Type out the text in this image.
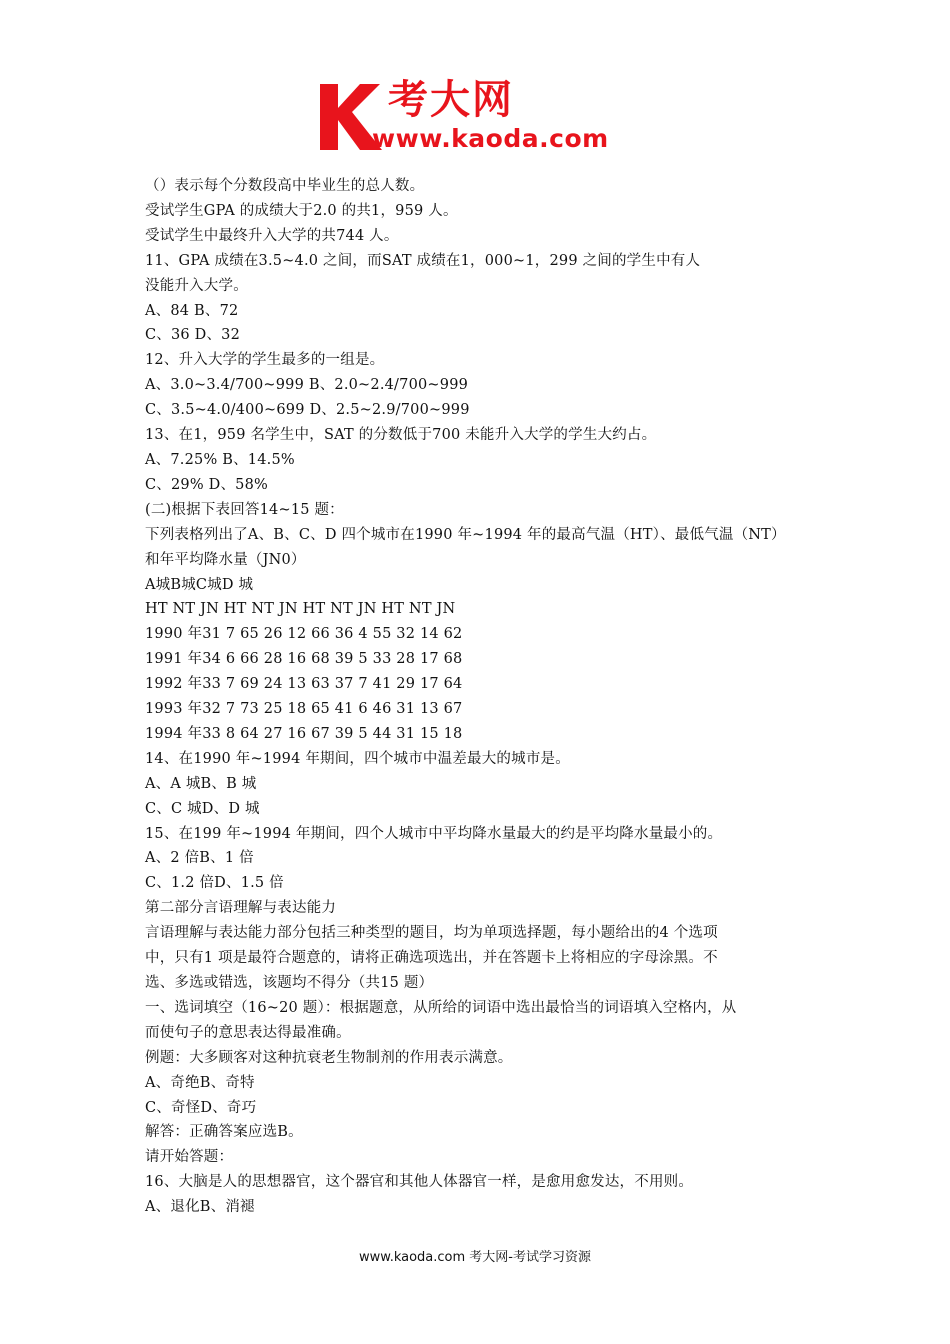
考大网
www.kaoda.com
（）表示每个分数段高中毕业生的总人数。
受试学生GPA 的成绩大于2.0 的共1，959 人。
受试学生中最终升入大学的共744 人。
11、GPA 成绩在3.5~4.0 之间，而SAT 成绩在1，000~1，299 之间的学生中有人
没能升入大学。
A、84 B、72
C、36 D、32
12、升入大学的学生最多的一组是。
A、3.0~3.4/700~999 B、2.0~2.4/700~999
C、3.5~4.0/400~699 D、2.5~2.9/700~999
13、在1，959 名学生中，SAT 的分数低于700 未能升入大学的学生大约占。
A、7.25% B、14.5%
C、29% D、58%
(二)根据下表回答14~15 题：
下列表格列出了A、B、C、D 四个城市在1990 年~1994 年的最高气温（HT）、最低气温（NT）
和年平均降水量（JN0）
A城B城C城D 城
HT NT JN HT NT JN HT NT JN HT NT JN
1990 年31 7 65 26 12 66 36 4 55 32 14 62
1991 年34 6 66 28 16 68 39 5 33 28 17 68
1992 年33 7 69 24 13 63 37 7 41 29 17 64
1993 年32 7 73 25 18 65 41 6 46 31 13 67
1994 年33 8 64 27 16 67 39 5 44 31 15 18
14、在1990 年~1994 年期间，四个城市中温差最大的城市是。
A、A 城B、B 城
C、C 城D、D 城
15、在199 年~1994 年期间，四个人城市中平均降水量最大的约是平均降水量最小的。
A、2 倍B、1 倍
C、1.2 倍D、1.5 倍
第二部分言语理解与表达能力
言语理解与表达能力部分包括三种类型的题目，均为单项选择题，每小题给出的4 个选项
中，只有1 项是最符合题意的，请将正确选项选出，并在答题卡上将相应的字母涂黑。不
选、多选或错选，该题均不得分（共15 题）
一、选词填空（16~20 题）：根据题意，从所给的词语中选出最恰当的词语填入空格内，从
而使句子的意思表达得最准确。
例题：大多顾客对这种抗衰老生物制剂的作用表示满意。
A、奇绝B、奇特
C、奇怪D、奇巧
解答：正确答案应选B。
请开始答题：
16、大脑是人的思想器官，这个器官和其他人体器官一样，是愈用愈发达，不用则。
A、退化B、消褪
www.kaoda.com 考大网-考试学习资源
